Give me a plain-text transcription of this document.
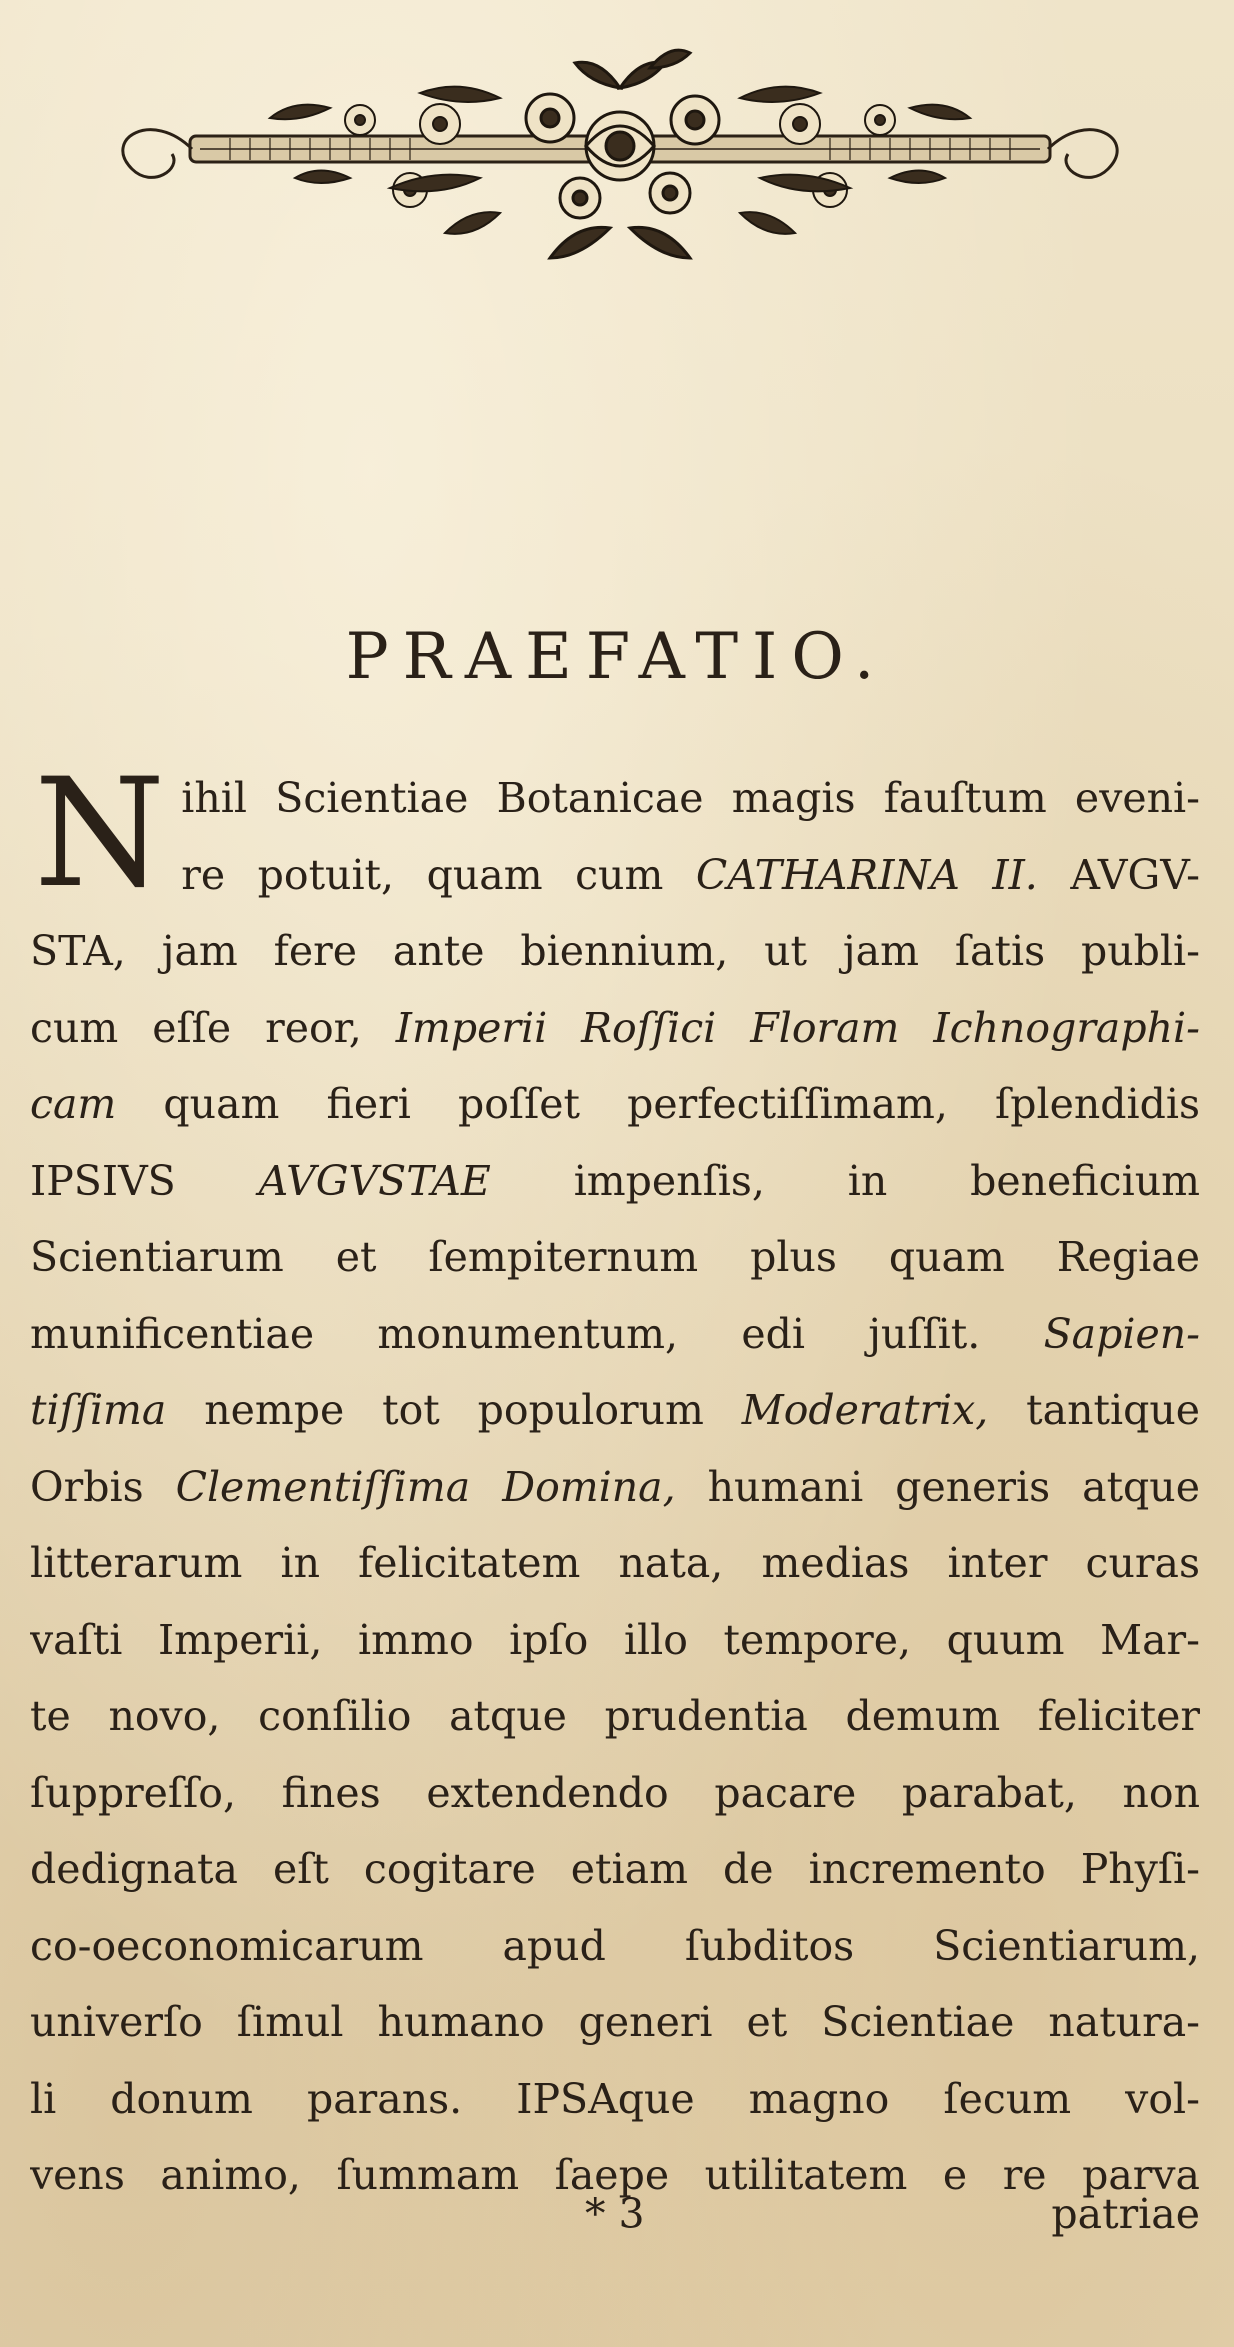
PRAEFATIO.
N ihil Scientiae Botanicae magis fauſtum eveni-
re potuit, quam cum CATHARINA II. AVGV-
STA, jam fere ante biennium, ut jam ſatis publi-
cum eſſe reor, Imperii Roſſici Floram Ichnographi-
cam quam fieri poſſet perfectiſſimam, ſplendidis
IPSIVS AVGVSTAE impenſis, in beneficium
Scientiarum et ſempiternum plus quam Regiae
munificentiae monumentum, edi juſſit. Sapien-
tiſſima nempe tot populorum Moderatrix, tantique
Orbis Clementiſſima Domina, humani generis atque
litterarum in felicitatem nata, medias inter curas
vaſti Imperii, immo ipſo illo tempore, quum Mar-
te novo, conſilio atque prudentia demum feliciter
ſuppreſſo, fines extendendo pacare parabat, non
dedignata eſt cogitare etiam de incremento Phyſi-
co-oeconomicarum apud ſubditos Scientiarum,
univerſo ſimul humano generi et Scientiae natura-
li donum parans. IPSAque magno ſecum vol-
vens animo, ſummam ſaepe utilitatem e re parva
* 3	patriae
